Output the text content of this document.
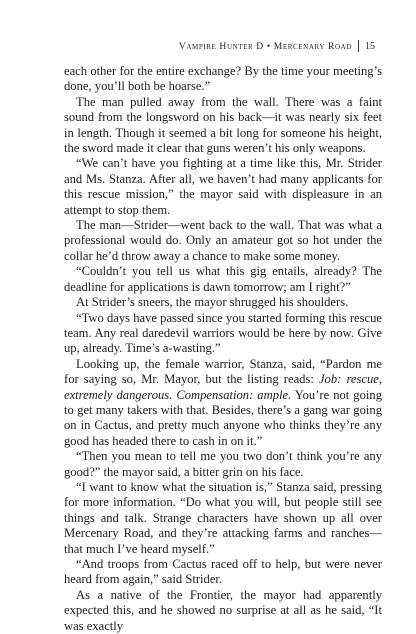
Vampire Hunter D • Mercenary Road 15

each other for the entire exchange? By the time your meeting’s done, you’ll both be hoarse.”

The man pulled away from the wall. There was a faint sound from the longsword on his back—it was nearly six feet in length. Though it seemed a bit long for someone his height, the sword made it clear that guns weren’t his only weapons.

“We can’t have you fighting at a time like this, Mr. Strider and Ms. Stanza. After all, we haven’t had many applicants for this rescue mission,” the mayor said with displeasure in an attempt to stop them.

The man—Strider—went back to the wall. That was what a professional would do. Only an amateur got so hot under the collar he’d throw away a chance to make some money.

“Couldn’t you tell us what this gig entails, already? The deadline for applications is dawn tomorrow; am I right?”

At Strider’s sneers, the mayor shrugged his shoulders.

“Two days have passed since you started forming this rescue team. Any real daredevil warriors would be here by now. Give up, already. Time’s a-wasting.”

Looking up, the female warrior, Stanza, said, “Pardon me for saying so, Mr. Mayor, but the listing reads: Job: rescue, extremely dangerous. Compensation: ample. You’re not going to get many takers with that. Besides, there’s a gang war going on in Cactus, and pretty much anyone who thinks they’re any good has headed there to cash in on it.”

“Then you mean to tell me you two don’t think you’re any good?” the mayor said, a bitter grin on his face.

“I want to know what the situation is,” Stanza said, pressing for more information. “Do what you will, but people still see things and talk. Strange characters have shown up all over Mercenary Road, and they’re attacking farms and ranches—that much I’ve heard myself.”

“And troops from Cactus raced off to help, but were never heard from again,” said Strider.

As a native of the Frontier, the mayor had apparently expected this, and he showed no surprise at all as he said, “It was exactly
